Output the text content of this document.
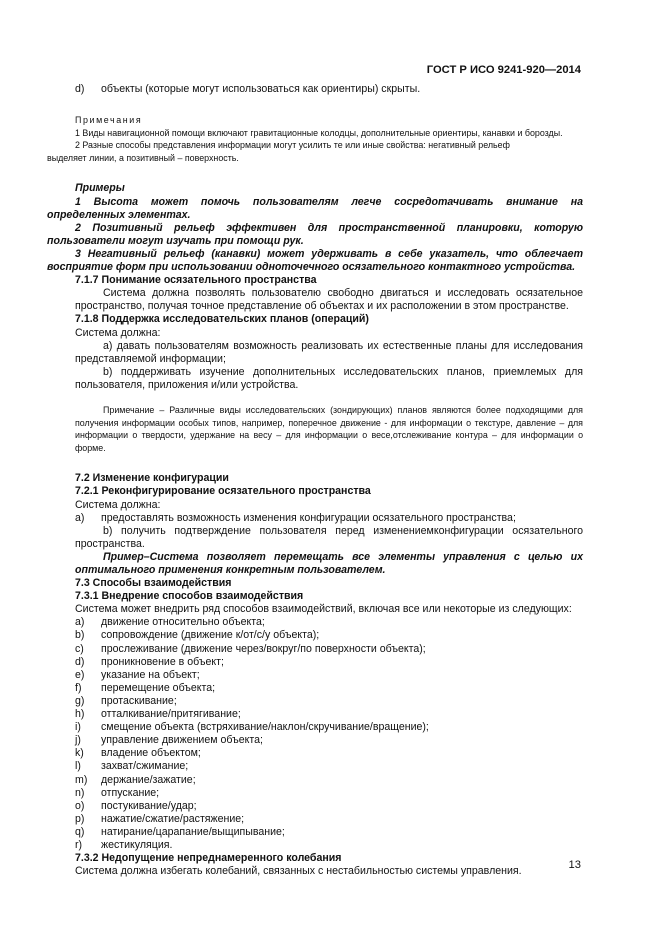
ГОСТ Р ИСО 9241-920—2014
d)	объекты (которые могут использоваться как ориентиры) скрыты.
Примечания
1 Виды навигационной помощи включают гравитационные колодцы, дополнительные ориентиры, канавки и борозды.
2 Разные способы представления информации могут усилить те или иные свойства: негативный рельеф
выделяет линии, а позитивный – поверхность.
Примеры
1 Высота может помочь пользователям легче сосредотачивать внимание на определенных элементах.
2 Позитивный рельеф эффективен для пространственной планировки, которую пользователи могут изучать при помощи рук.
3 Негативный рельеф (канавки) может удерживать в себе указатель, что облегчает восприятие форм при использовании одноточечного осязательного контактного устройства.
7.1.7 Понимание осязательного пространства
Система должна позволять пользователю свободно двигаться и исследовать осязательное пространство, получая точное представление об объектах и их расположении в этом пространстве.
7.1.8 Поддержка исследовательских планов (операций)
Система должна:
а) давать пользователям возможность реализовать их естественные планы для исследования представляемой информации;
b) поддерживать изучение дополнительных исследовательских планов, приемлемых для пользователя, приложения и/или устройства.
Примечание – Различные виды исследовательских (зондирующих) планов являются более подходящими для получения информации особых типов, например, поперечное движение - для информации о текстуре, давление – для информации о твердости, удержание на весу – для информации о весе,отслеживание контура – для информации о форме.
7.2 Изменение конфигурации
7.2.1 Реконфигурирование осязательного пространства
Система должна:
а)	предоставлять возможность изменения конфигурации осязательного пространства;
b) получить подтверждение пользователя перед изменениемконфигурации осязательного пространства.
Пример–Система позволяет перемещать все элементы управления с целью их оптимального применения конкретным пользователем.
7.3 Способы взаимодействия
7.3.1 Внедрение способов взаимодействия
Система может внедрить ряд способов взаимодействий, включая все или некоторые из следующих:
a)	движение относительно объекта;
b)	сопровождение (движение к/от/с/у объекта);
c)	прослеживание (движение через/вокруг/по поверхности объекта);
d)	проникновение в объект;
e)	указание на объект;
f)	перемещение объекта;
g)	протаскивание;
h)	отталкивание/притягивание;
i)	смещение объекта (встряхивание/наклон/скручивание/вращение);
j)	управление движением объекта;
k)	владение объектом;
l)	захват/сжимание;
m)	держание/зажатие;
n)	отпускание;
o)	постукивание/удар;
p)	нажатие/сжатие/растяжение;
q)	натирание/царапание/выщипывание;
r)	жестикуляция.
7.3.2 Недопущение непреднамеренного колебания
Система должна избегать колебаний, связанных с нестабильностью системы управления.
13
